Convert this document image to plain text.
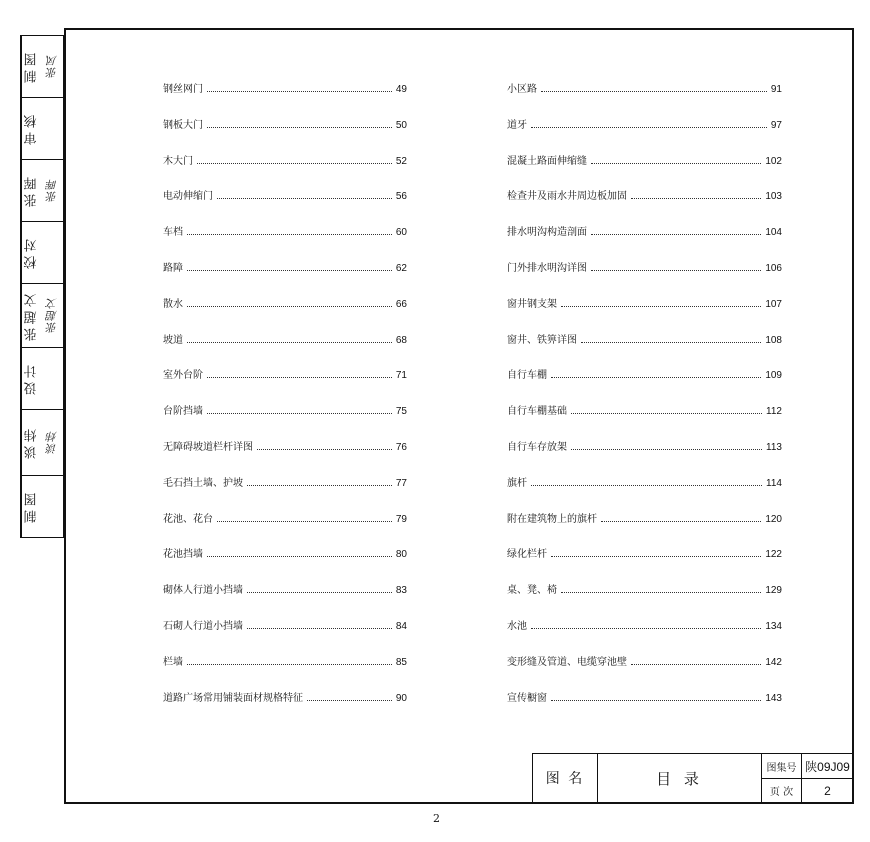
制图 张凤
审核
张晖 张晖
校对
张超文 张超文
设计
谈炜 谈炜
制图
钢丝网门	49
钢板大门	50
木大门	52
电动伸缩门	56
车档	60
路障	62
散水	66
坡道	68
室外台阶	71
台阶挡墙	75
无障碍坡道栏杆详图	76
毛石挡土墙、护坡	77
花池、花台	79
花池挡墙	80
砌体人行道小挡墙	83
石砌人行道小挡墙	84
栏墙	85
道路广场常用铺装面材规格特征	90
小区路	91
道牙	97
混凝土路面伸缩缝	102
检查井及雨水井周边板加固	103
排水明沟构造剖面	104
门外排水明沟详图	106
窗井钢支架	107
窗井、铁箅详图	108
自行车棚	109
自行车棚基础	112
自行车存放架	113
旗杆	114
附在建筑物上的旗杆	120
绿化栏杆	122
桌、凳、椅	129
水池	134
变形缝及管道、电缆穿池壁	142
宣传橱窗	143
图 名	目 录
图集号 陕09J09
页 次	2
2
